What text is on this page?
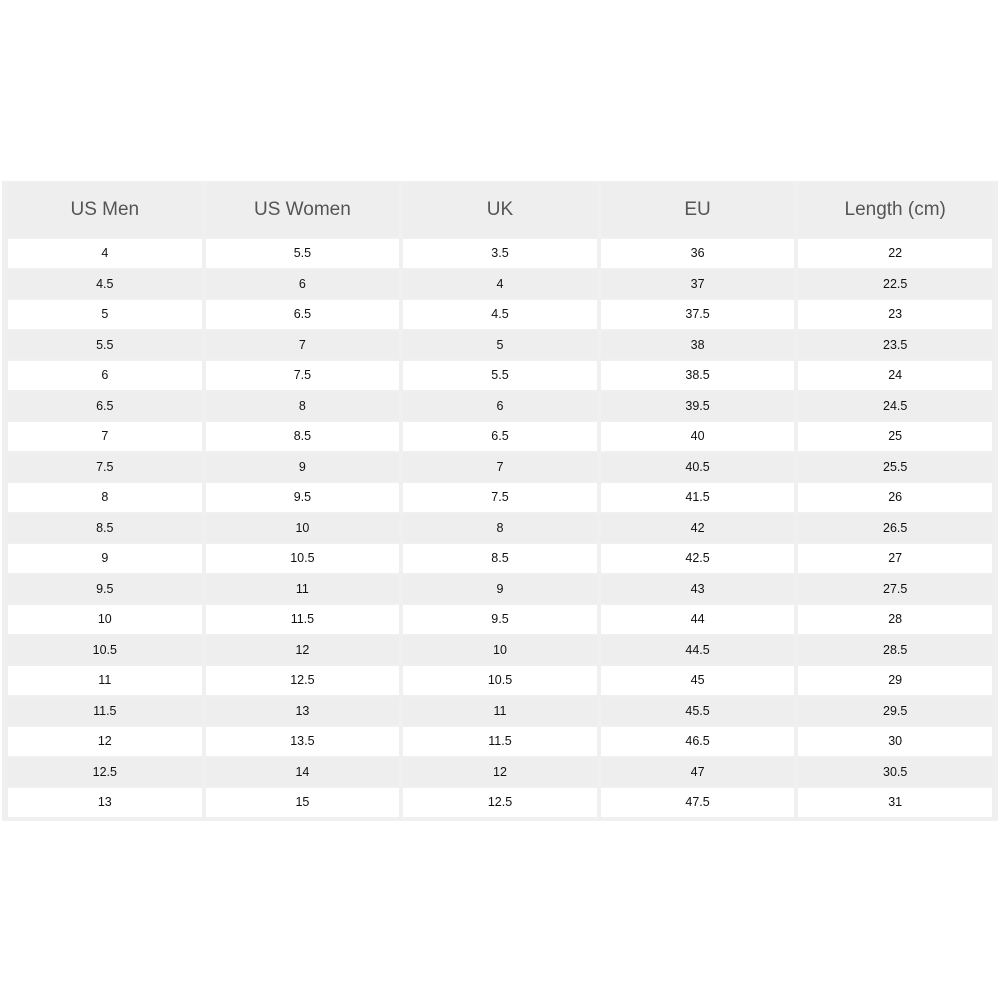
US Men	US Women	UK	EU	Length (cm)
4	5.5	3.5	36	22
4.5	6	4	37	22.5
5	6.5	4.5	37.5	23
5.5	7	5	38	23.5
6	7.5	5.5	38.5	24
6.5	8	6	39.5	24.5
7	8.5	6.5	40	25
7.5	9	7	40.5	25.5
8	9.5	7.5	41.5	26
8.5	10	8	42	26.5
9	10.5	8.5	42.5	27
9.5	11	9	43	27.5
10	11.5	9.5	44	28
10.5	12	10	44.5	28.5
11	12.5	10.5	45	29
11.5	13	11	45.5	29.5
12	13.5	11.5	46.5	30
12.5	14	12	47	30.5
13	15	12.5	47.5	31
